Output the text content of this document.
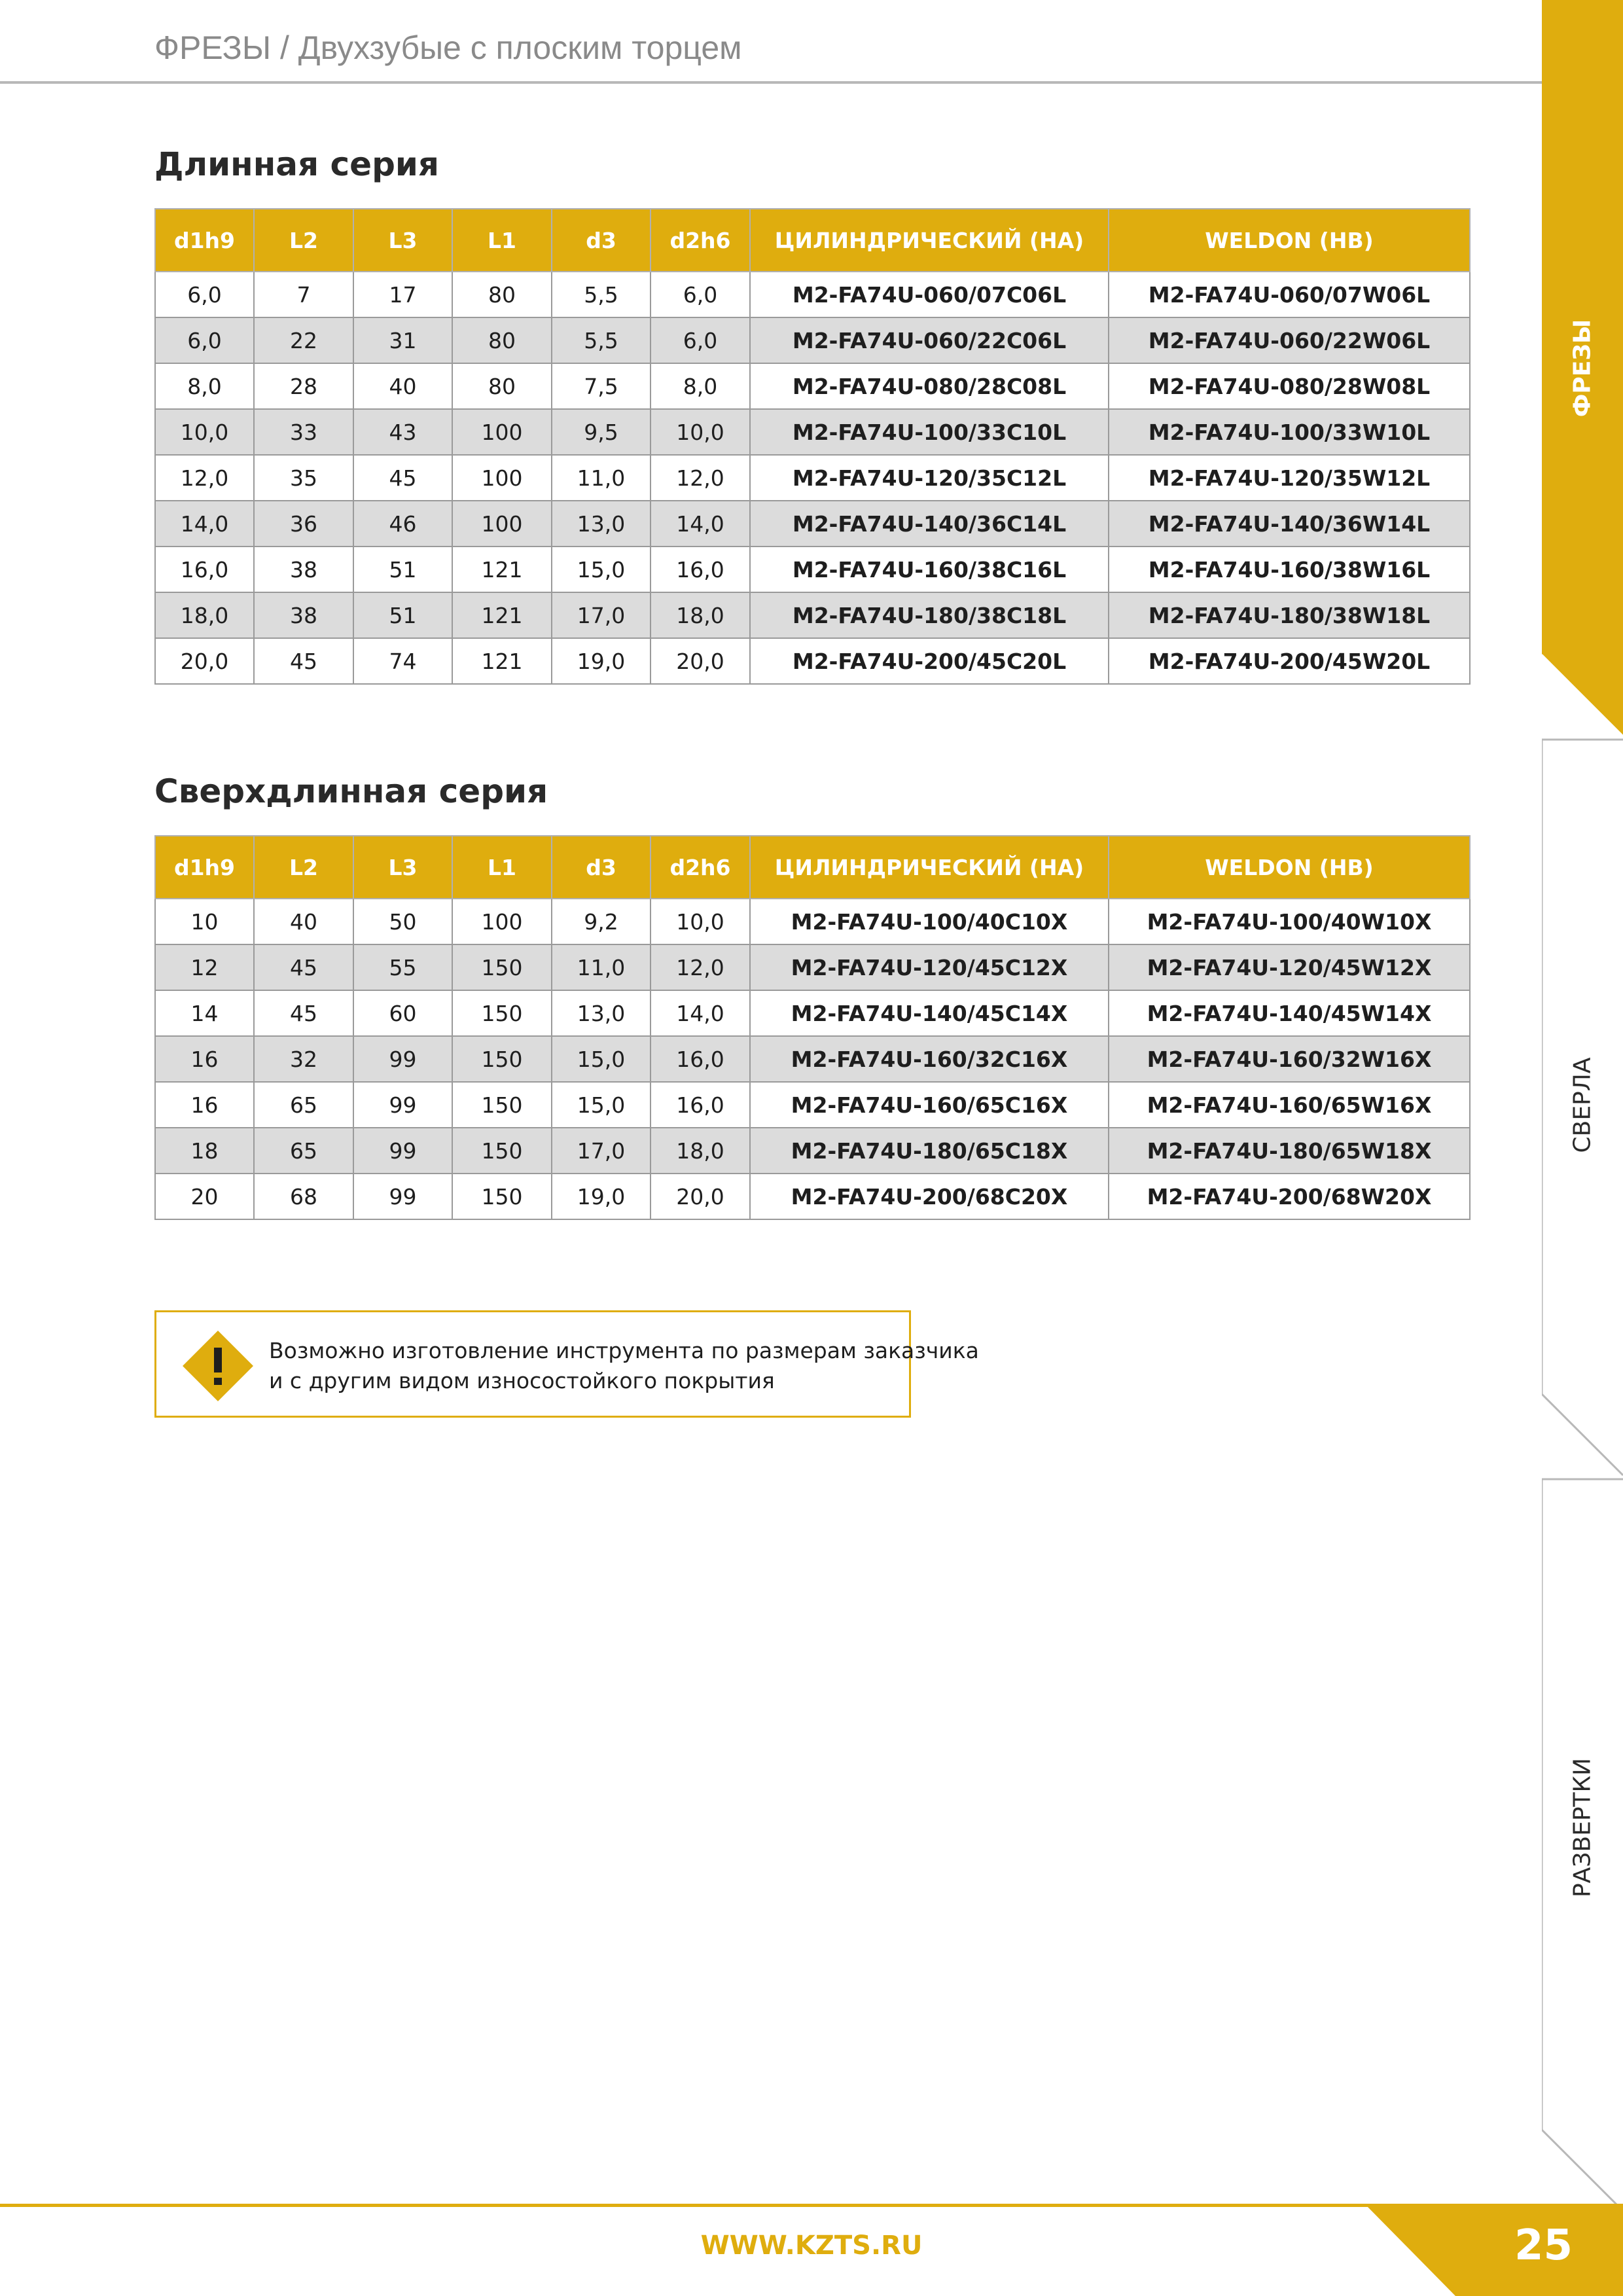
ФРЕЗЫ / Двухзубые с плоским торцем
Длинная серия
d1h9	L2	L3	L1	d3	d2h6	ЦИЛИНДРИЧЕСКИЙ (НА)	WELDON (HB)
6,0	7	17	80	5,5	6,0	M2-FA74U-060/07C06L	M2-FA74U-060/07W06L
6,0	22	31	80	5,5	6,0	M2-FA74U-060/22C06L	M2-FA74U-060/22W06L
8,0	28	40	80	7,5	8,0	M2-FA74U-080/28C08L	M2-FA74U-080/28W08L
10,0	33	43	100	9,5	10,0	M2-FA74U-100/33C10L	M2-FA74U-100/33W10L
12,0	35	45	100	11,0	12,0	M2-FA74U-120/35C12L	M2-FA74U-120/35W12L
14,0	36	46	100	13,0	14,0	M2-FA74U-140/36C14L	M2-FA74U-140/36W14L
16,0	38	51	121	15,0	16,0	M2-FA74U-160/38C16L	M2-FA74U-160/38W16L
18,0	38	51	121	17,0	18,0	M2-FA74U-180/38C18L	M2-FA74U-180/38W18L
20,0	45	74	121	19,0	20,0	M2-FA74U-200/45C20L	M2-FA74U-200/45W20L
Сверхдлинная серия
d1h9	L2	L3	L1	d3	d2h6	ЦИЛИНДРИЧЕСКИЙ (НА)	WELDON (HB)
10	40	50	100	9,2	10,0	M2-FA74U-100/40C10X	M2-FA74U-100/40W10X
12	45	55	150	11,0	12,0	M2-FA74U-120/45C12X	M2-FA74U-120/45W12X
14	45	60	150	13,0	14,0	M2-FA74U-140/45C14X	M2-FA74U-140/45W14X
16	32	99	150	15,0	16,0	M2-FA74U-160/32C16X	M2-FA74U-160/32W16X
16	65	99	150	15,0	16,0	M2-FA74U-160/65C16X	M2-FA74U-160/65W16X
18	65	99	150	17,0	18,0	M2-FA74U-180/65C18X	M2-FA74U-180/65W18X
20	68	99	150	19,0	20,0	M2-FA74U-200/68C20X	M2-FA74U-200/68W20X
Возможно изготовление инструмента по размерам заказчика
и с другим видом износостойкого покрытия
ФРЕЗЫ
СВЕРЛА
РАЗВЕРТКИ
WWW.KZTS.RU	25
